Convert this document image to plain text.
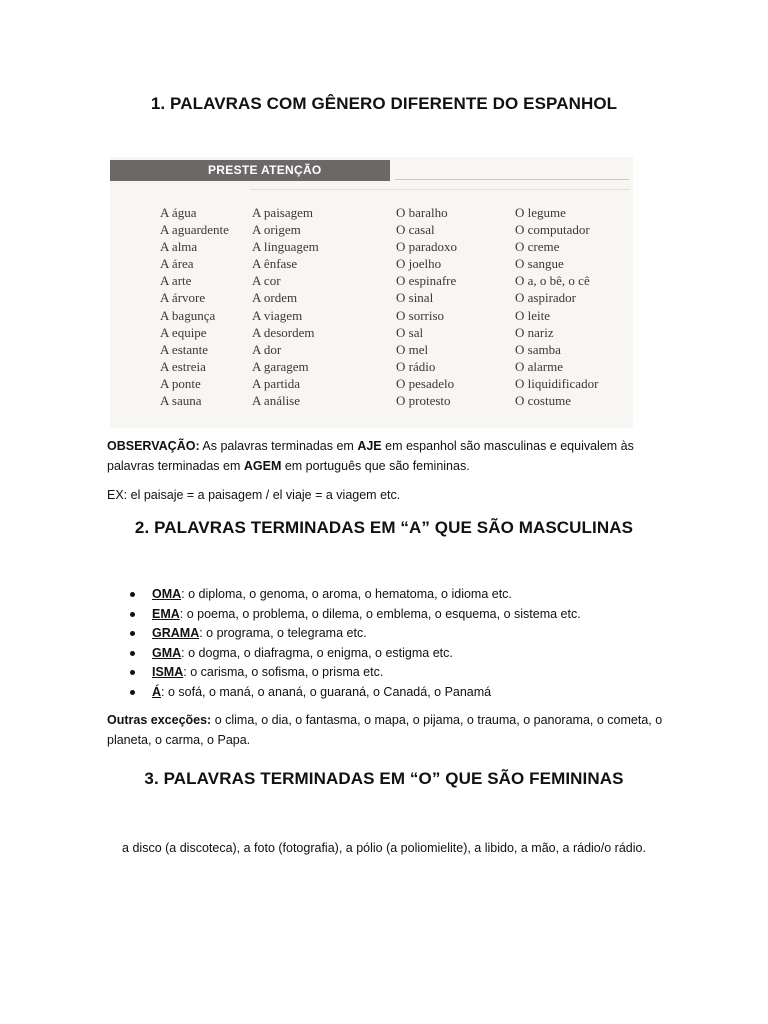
1. PALAVRAS COM GÊNERO DIFERENTE DO ESPANHOL
PRESTE ATENÇÃO
A água
A aguardente
A alma
A área
A arte
A árvore
A bagunça
A equipe
A estante
A estreia
A ponte
A sauna
A paisagem
A origem
A linguagem
A ênfase
A cor
A ordem
A viagem
A desordem
A dor
A garagem
A partida
A análise
O baralho
O casal
O paradoxo
O joelho
O espinafre
O sinal
O sorriso
O sal
O mel
O rádio
O pesadelo
O protesto
O legume
O computador
O creme
O sangue
O a, o bê, o cê
O aspirador
O leite
O nariz
O samba
O alarme
O liquidificador
O costume
OBSERVAÇÃO: As palavras terminadas em AJE em espanhol são masculinas e equivalem às palavras terminadas em AGEM em português que são femininas.
EX: el paisaje = a paisagem / el viaje = a viagem etc.
2. PALAVRAS TERMINADAS EM “A” QUE SÃO MASCULINAS
OMA: o diploma, o genoma, o aroma, o hematoma, o idioma etc.
EMA: o poema, o problema, o dilema, o emblema, o esquema, o sistema etc.
GRAMA: o programa, o telegrama etc.
GMA: o dogma, o diafragma, o enigma, o estigma etc.
ISMA: o carisma, o sofisma, o prisma etc.
Á: o sofá, o maná, o ananá, o guaraná, o Canadá, o Panamá
Outras exceções: o clima, o dia, o fantasma, o mapa, o pijama, o trauma, o panorama, o cometa, o planeta, o carma, o Papa.
3. PALAVRAS TERMINADAS EM “O” QUE SÃO FEMININAS
a disco (a discoteca), a foto (fotografia), a pólio (a poliomielite), a libido, a mão, a rádio/o rádio.
